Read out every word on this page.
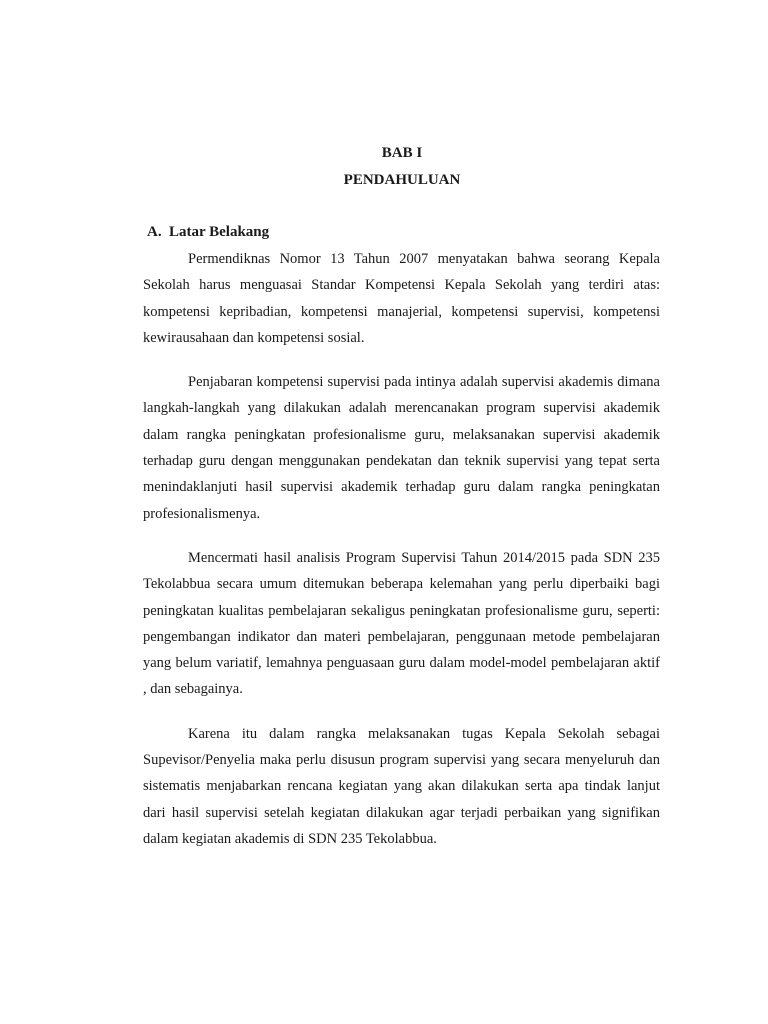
BAB I
PENDAHULUAN
A. Latar Belakang

Permendiknas Nomor 13 Tahun 2007 menyatakan bahwa seorang Kepala Sekolah harus menguasai Standar Kompetensi Kepala Sekolah yang terdiri atas: kompetensi kepribadian, kompetensi manajerial, kompetensi supervisi, kompetensi kewirausahaan dan kompetensi sosial.

Penjabaran kompetensi supervisi pada intinya adalah supervisi akademis dimana langkah-langkah yang dilakukan adalah merencanakan program supervisi akademik dalam rangka peningkatan profesionalisme guru, melaksanakan supervisi akademik terhadap guru dengan menggunakan pendekatan dan teknik supervisi yang tepat serta menindaklanjuti hasil supervisi akademik terhadap guru dalam rangka peningkatan profesionalismenya.

Mencermati hasil analisis Program Supervisi Tahun 2014/2015 pada SDN 235 Tekolabbua secara umum ditemukan beberapa kelemahan yang perlu diperbaiki bagi peningkatan kualitas pembelajaran sekaligus peningkatan profesionalisme guru, seperti: pengembangan indikator dan materi pembelajaran, penggunaan metode pembelajaran yang belum variatif, lemahnya penguasaan guru dalam model-model pembelajaran aktif , dan sebagainya.

Karena itu dalam rangka melaksanakan tugas Kepala Sekolah sebagai Supevisor/Penyelia maka perlu disusun program supervisi yang secara menyeluruh dan sistematis menjabarkan rencana kegiatan yang akan dilakukan serta apa tindak lanjut dari hasil supervisi setelah kegiatan dilakukan agar terjadi perbaikan yang signifikan dalam kegiatan akademis di SDN 235 Tekolabbua.
